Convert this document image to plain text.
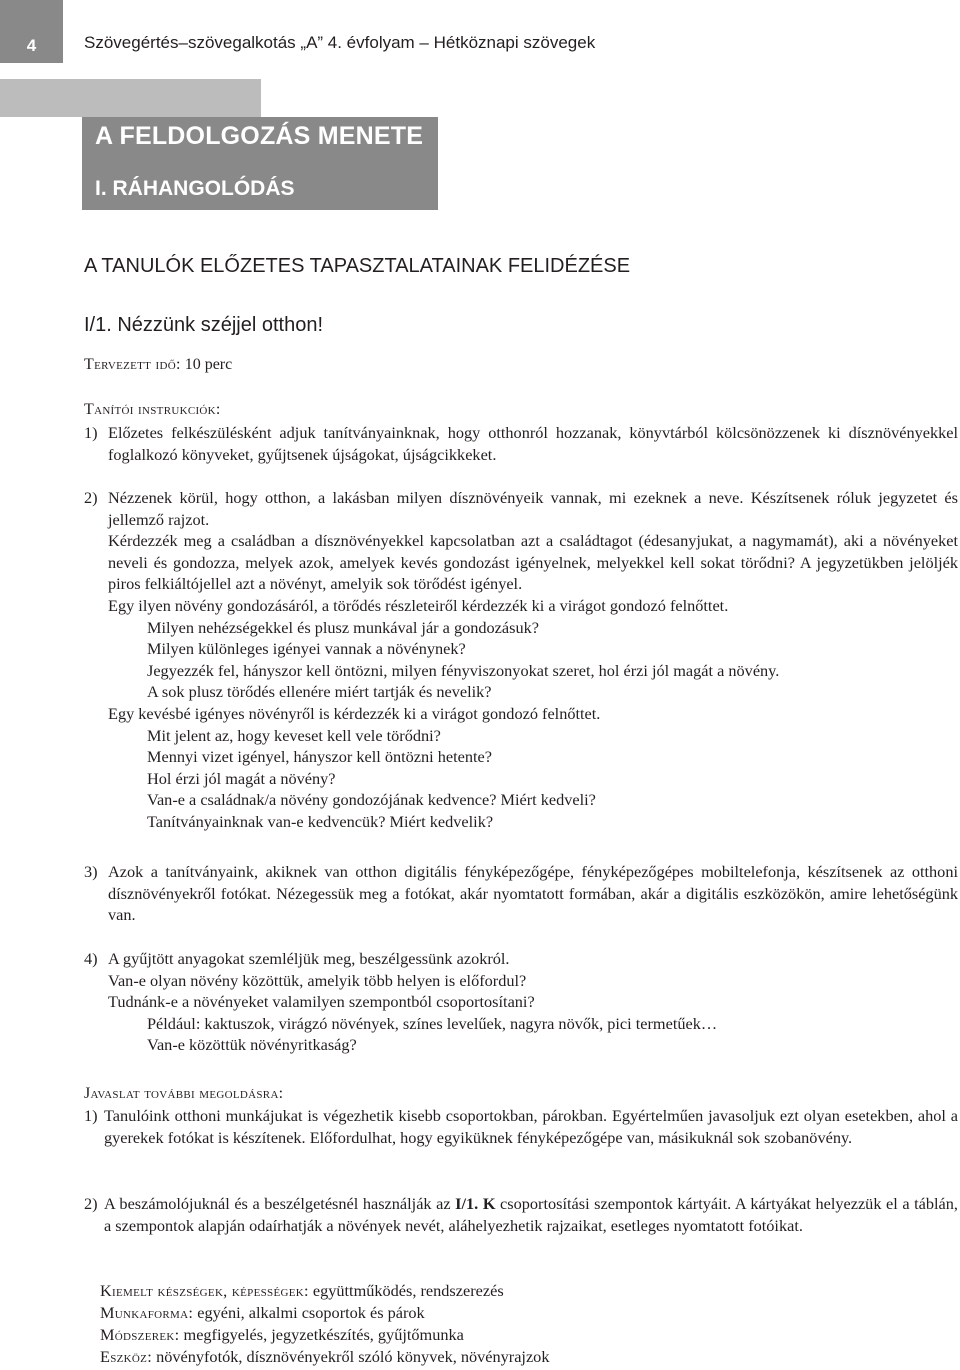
4	Szövegértés–szövegalkotás „A” 4. évfolyam – Hétköznapi szövegek
A FELDOLGOZÁS MENETE
I. RÁHANGOLÓDÁS
A TANULÓK ELŐZETES TAPASZTALATAINAK FELIDÉZÉSE
I/1. Nézzünk széjjel otthon!
Tervezett idő: 10 perc
Tanítói instrukciók:
1) Előzetes felkészülésként adjuk tanítványainknak, hogy otthonról hozzanak, könyvtárból kölcsönözzenek ki dísznövényekkel foglalkozó könyveket, gyűjtsenek újságokat, újságcikkeket.
2) Nézzenek körül, hogy otthon, a lakásban milyen dísznövényeik vannak, mi ezeknek a neve. Készítsenek róluk jegyzetet és jellemző rajzot.
Kérdezzék meg a családban a dísznövényekkel kapcsolatban azt a családtagot (édesanyjukat, a nagymamát), aki a növényeket neveli és gondozza, melyek azok, amelyek kevés gondozást igényelnek, melyekkel kell sokat törődni? A jegyzetükben jelöljék piros felkiáltójellel azt a növényt, amelyik sok törődést igényel.
Egy ilyen növény gondozásáról, a törődés részleteiről kérdezzék ki a virágot gondozó felnőttet.
Milyen nehézségekkel és plusz munkával jár a gondozásuk?
Milyen különleges igényei vannak a növénynek?
Jegyezzék fel, hányszor kell öntözni, milyen fényviszonyokat szeret, hol érzi jól magát a növény.
A sok plusz törődés ellenére miért tartják és nevelik?
Egy kevésbé igényes növényről is kérdezzék ki a virágot gondozó felnőttet.
Mit jelent az, hogy keveset kell vele törődni?
Mennyi vizet igényel, hányszor kell öntözni hetente?
Hol érzi jól magát a növény?
Van-e a családnak/a növény gondozójának kedvence? Miért kedveli?
Tanítványainknak van-e kedvencük? Miért kedvelik?
3) Azok a tanítványaink, akiknek van otthon digitális fényképezőgépe, fényképezőgépes mobiltelefonja, készítsenek az otthoni dísznövényekről fotókat. Nézegessük meg a fotókat, akár nyomtatott formában, akár a digitális eszközökön, amire lehetőségünk van.
4) A gyűjtött anyagokat szemléljük meg, beszélgessünk azokról.
Van-e olyan növény közöttük, amelyik több helyen is előfordul?
Tudnánk-e a növényeket valamilyen szempontból csoportosítani?
Például: kaktuszok, virágzó növények, színes levelűek, nagyra növők, pici termetűek…
Van-e közöttük növényritkaság?
Javaslat további megoldásra:
1) Tanulóink otthoni munkájukat is végezhetik kisebb csoportokban, párokban. Egyértelműen javasoljuk ezt olyan esetekben, ahol a gyerekek fotókat is készítenek. Előfordulhat, hogy egyiküknek fényképezőgépe van, másikuknál sok szobanövény.
2) A beszámolójuknál és a beszélgetésnél használják az I/1. K csoportosítási szempontok kártyáit. A kártyákat helyezzük el a táblán, a szempontok alapján odaírhatják a növények nevét, aláhelyezhetik rajzaikat, esetleges nyomtatott fotóikat.
Kiemelt készségek, képességek: együttműködés, rendszerezés
Munkaforma: egyéni, alkalmi csoportok és párok
Módszerek: megfigyelés, jegyzetkészítés, gyűjtőmunka
Eszköz: növényfotók, dísznövényekről szóló könyvek, növényrajzok
